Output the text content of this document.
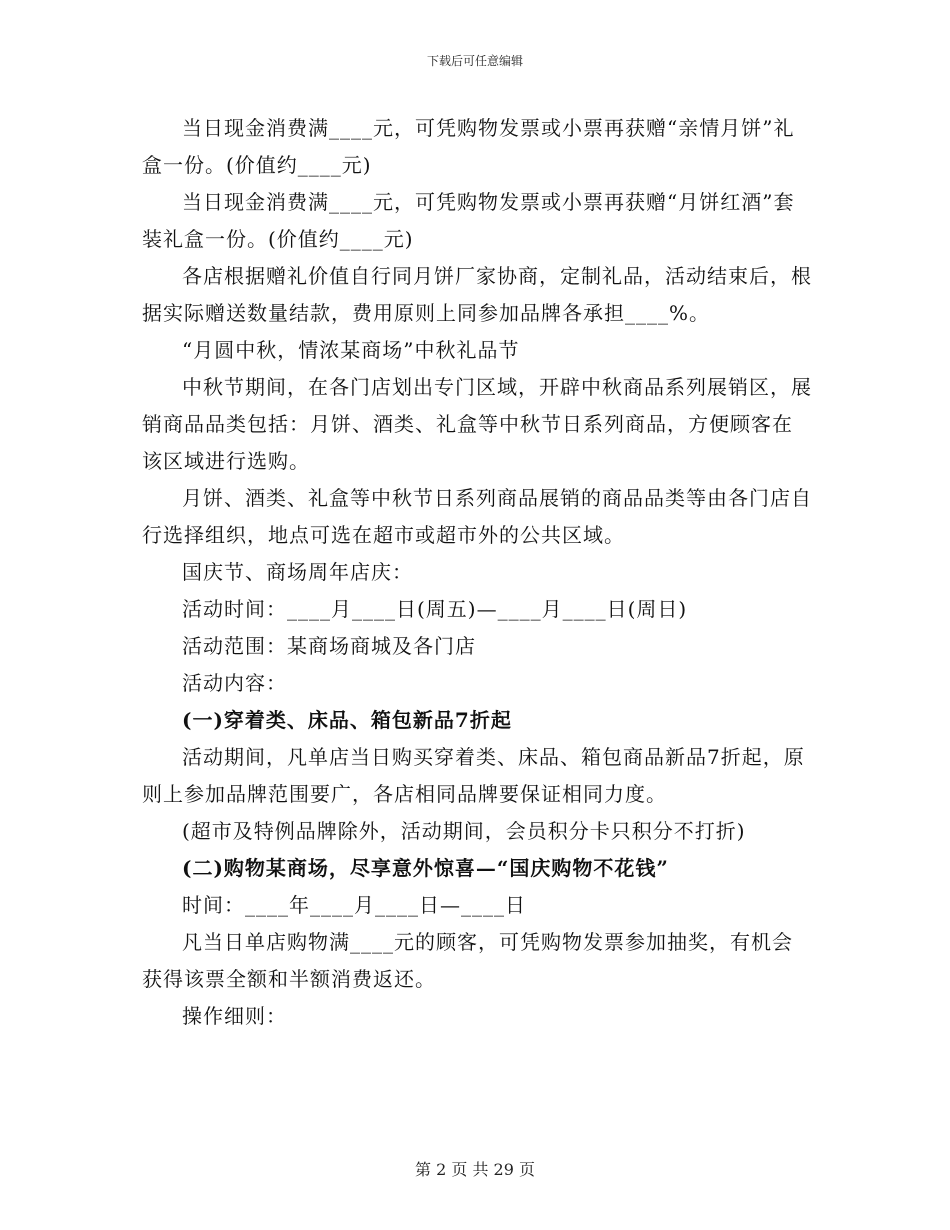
下载后可任意编辑

当日现金消费满____元，可凭购物发票或小票再获赠“亲情月饼”礼盒一份。(价值约____元)

当日现金消费满____元，可凭购物发票或小票再获赠“月饼红酒”套装礼盒一份。(价值约____元)

各店根据赠礼价值自行同月饼厂家协商，定制礼品，活动结束后，根据实际赠送数量结款，费用原则上同参加品牌各承担____%。

“月圆中秋，情浓某商场”中秋礼品节

中秋节期间，在各门店划出专门区域，开辟中秋商品系列展销区，展销商品品类包括：月饼、酒类、礼盒等中秋节日系列商品，方便顾客在该区域进行选购。

月饼、酒类、礼盒等中秋节日系列商品展销的商品品类等由各门店自行选择组织，地点可选在超市或超市外的公共区域。

国庆节、商场周年店庆：

活动时间：____月____日(周五)—____月____日(周日)

活动范围：某商场商城及各门店

活动内容：

(一)穿着类、床品、箱包新品7折起

活动期间，凡单店当日购买穿着类、床品、箱包商品新品7折起，原则上参加品牌范围要广，各店相同品牌要保证相同力度。

(超市及特例品牌除外，活动期间，会员积分卡只积分不打折)

(二)购物某商场，尽享意外惊喜—“国庆购物不花钱”

时间：____年____月____日—____日

凡当日单店购物满____元的顾客，可凭购物发票参加抽奖，有机会获得该票全额和半额消费返还。

操作细则：

第 2 页 共 29 页
